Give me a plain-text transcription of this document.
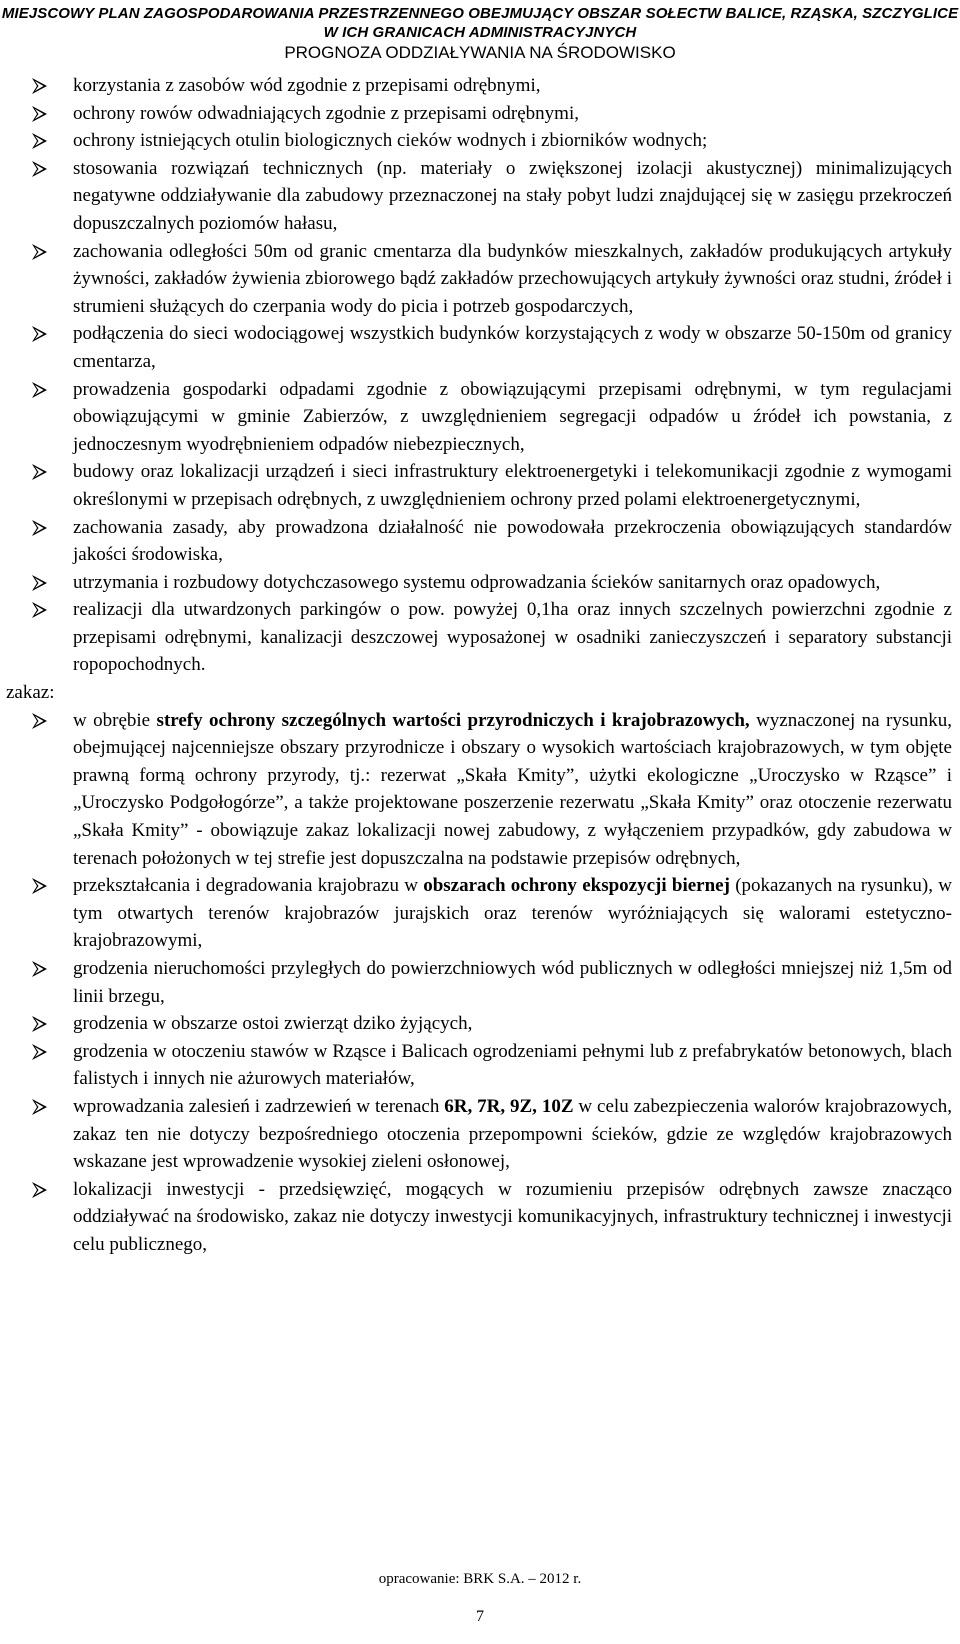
MIEJSCOWY PLAN ZAGOSPODAROWANIA PRZESTRZENNEGO OBEJMUJĄCY OBSZAR SOŁECTW BALICE, RZĄSKA, SZCZYGLICE
W ICH GRANICACH ADMINISTRACYJNYCH
PROGNOZA ODDZIAŁYWANIA NA ŚRODOWISKO
korzystania z zasobów wód zgodnie z przepisami odrębnymi,
ochrony rowów odwadniających zgodnie z przepisami odrębnymi,
ochrony istniejących otulin biologicznych cieków wodnych i zbiorników wodnych;
stosowania rozwiązań technicznych (np. materiały o zwiększonej izolacji akustycznej) minimalizujących negatywne oddziaływanie dla zabudowy przeznaczonej na stały pobyt ludzi znajdującej się w zasięgu przekroczeń dopuszczalnych poziomów hałasu,
zachowania odległości 50m od granic cmentarza dla budynków mieszkalnych, zakładów produkujących artykuły żywności, zakładów żywienia zbiorowego bądź zakładów przechowujących artykuły żywności oraz studni, źródeł i strumieni służących do czerpania wody do picia i potrzeb gospodarczych,
podłączenia do sieci wodociągowej wszystkich budynków korzystających z wody w obszarze 50-150m od granicy cmentarza,
prowadzenia gospodarki odpadami zgodnie z obowiązującymi przepisami odrębnymi, w tym regulacjami obowiązującymi w gminie Zabierzów, z uwzględnieniem segregacji odpadów u źródeł ich powstania, z jednoczesnym wyodrębnieniem odpadów niebezpiecznych,
budowy oraz lokalizacji urządzeń i sieci infrastruktury elektroenergetyki i telekomunikacji zgodnie z wymogami określonymi w przepisach odrębnych, z uwzględnieniem ochrony przed polami elektroenergetycznymi,
zachowania zasady, aby prowadzona działalność nie powodowała przekroczenia obowiązujących standardów jakości środowiska,
utrzymania i rozbudowy dotychczasowego systemu odprowadzania ścieków sanitarnych oraz opadowych,
realizacji dla utwardzonych parkingów o pow. powyżej 0,1ha oraz innych szczelnych powierzchni zgodnie z przepisami odrębnymi, kanalizacji deszczowej wyposażonej w osadniki zanieczyszczeń i separatory substancji ropopochodnych.
zakaz:
w obrębie strefy ochrony szczególnych wartości przyrodniczych i krajobrazowych, wyznaczonej na rysunku, obejmującej najcenniejsze obszary przyrodnicze i obszary o wysokich wartościach krajobrazowych, w tym objęte prawną formą ochrony przyrody, tj.: rezerwat „Skała Kmity”, użytki ekologiczne „Uroczysko w Rząsce” i „Uroczysko Podgołogórze”, a także projektowane poszerzenie rezerwatu „Skała Kmity” oraz otoczenie rezerwatu „Skała Kmity” - obowiązuje zakaz lokalizacji nowej zabudowy, z wyłączeniem przypadków, gdy zabudowa w terenach położonych w tej strefie jest dopuszczalna na podstawie przepisów odrębnych,
przekształcania i degradowania krajobrazu w obszarach ochrony ekspozycji biernej (pokazanych na rysunku), w tym otwartych terenów krajobrazów jurajskich oraz terenów wyróżniających się walorami estetyczno-krajobrazowymi,
grodzenia nieruchomości przyległych do powierzchniowych wód publicznych w odległości mniejszej niż 1,5m od linii brzegu,
grodzenia w obszarze ostoi zwierząt dziko żyjących,
grodzenia w otoczeniu stawów w Rząsce i Balicach ogrodzeniami pełnymi lub z prefabrykatów betonowych, blach falistych i innych nie ażurowych materiałów,
wprowadzania zalesień i zadrzewień w terenach 6R, 7R, 9Z, 10Z w celu zabezpieczenia walorów krajobrazowych, zakaz ten nie dotyczy bezpośredniego otoczenia przepompowni ścieków, gdzie ze względów krajobrazowych wskazane jest wprowadzenie wysokiej zieleni osłonowej,
lokalizacji inwestycji - przedsięwzięć, mogących w rozumieniu przepisów odrębnych zawsze znacząco oddziaływać na środowisko, zakaz nie dotyczy inwestycji komunikacyjnych, infrastruktury technicznej i inwestycji celu publicznego,
opracowanie: BRK S.A. – 2012 r.
7
